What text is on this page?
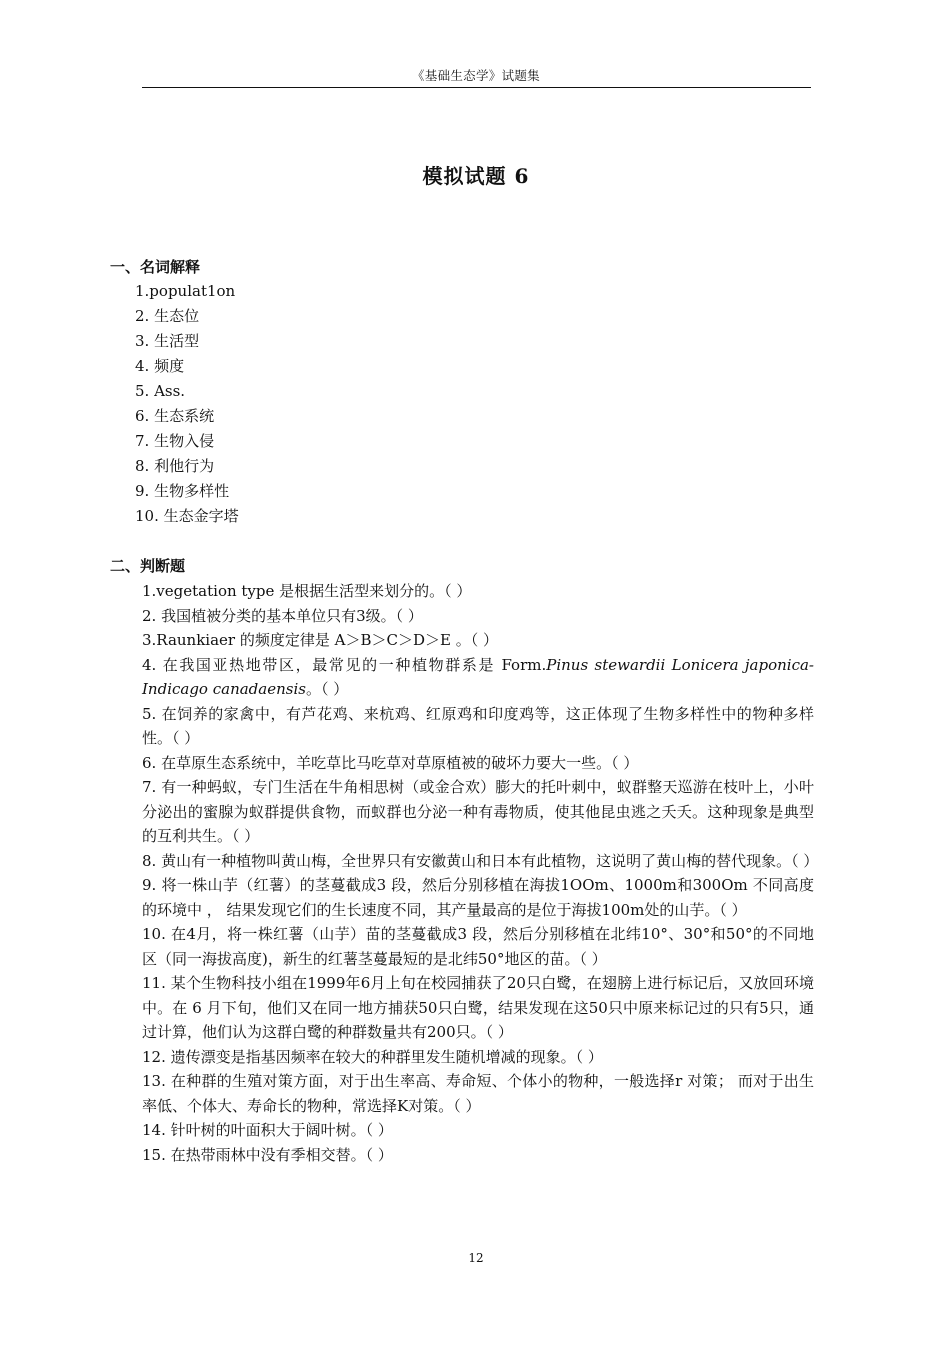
《基础生态学》试题集
模拟试题 6
一、名词解释
1.populat1on
2. 生态位
3. 生活型
4. 频度
5. Ass.
6. 生态系统
7. 生物入侵
8. 利他行为
9. 生物多样性
10. 生态金字塔
二、判断题
1.vegetation type 是根据生活型来划分的。（ ）
2. 我国植被分类的基本单位只有3级。（ ）
3.Raunkiaer 的频度定律是 A＞B＞C＞D＞E 。（ ）
4. 在我国亚热地带区，最常见的一种植物群系是 Form.Pinus stewardii Lonicera japonica-Indicago canadaensis。（ ）
5. 在饲养的家禽中，有芦花鸡、来杭鸡、红原鸡和印度鸡等，这正体现了生物多样性中的物种多样性。（ ）
6. 在草原生态系统中，羊吃草比马吃草对草原植被的破坏力要大一些。（ ）
7. 有一种蚂蚁，专门生活在牛角相思树（或金合欢）膨大的托叶刺中，蚁群整天巡游在枝叶上，小叶分泌出的蜜腺为蚁群提供食物，而蚁群也分泌一种有毒物质，使其他昆虫逃之夭夭。这种现象是典型的互利共生。（ ）
8. 黄山有一种植物叫黄山梅，全世界只有安徽黄山和日本有此植物，这说明了黄山梅的替代现象。（ ）
9. 将一株山芋（红薯）的茎蔓截成3 段，然后分别移植在海拔1OOm、1000m和300Om 不同高度的环境中 ， 结果发现它们的生长速度不同，其产量最高的是位于海拔100m处的山芋。（ ）
10. 在4月，将一株红薯（山芋）苗的茎蔓截成3 段，然后分别移植在北纬10°、30°和50°的不同地区（同一海拔高度)，新生的红薯茎蔓最短的是北纬50°地区的苗。（ ）
11. 某个生物科技小组在1999年6月上旬在校园捕获了20只白鹭，在翅膀上进行标记后，又放回环境中。在 6 月下旬，他们又在同一地方捕获50只白鹭，结果发现在这50只中原来标记过的只有5只，通过计算，他们认为这群白鹭的种群数量共有200只。（ ）
12. 遗传漂变是指基因频率在较大的种群里发生随机增减的现象。（ ）
13. 在种群的生殖对策方面，对于出生率高、寿命短、个体小的物种，一般选择r 对策； 而对于出生率低、个体大、寿命长的物种，常选择K对策。（ ）
14. 针叶树的叶面积大于阔叶树。（ ）
15. 在热带雨林中没有季相交替。（ ）
12
